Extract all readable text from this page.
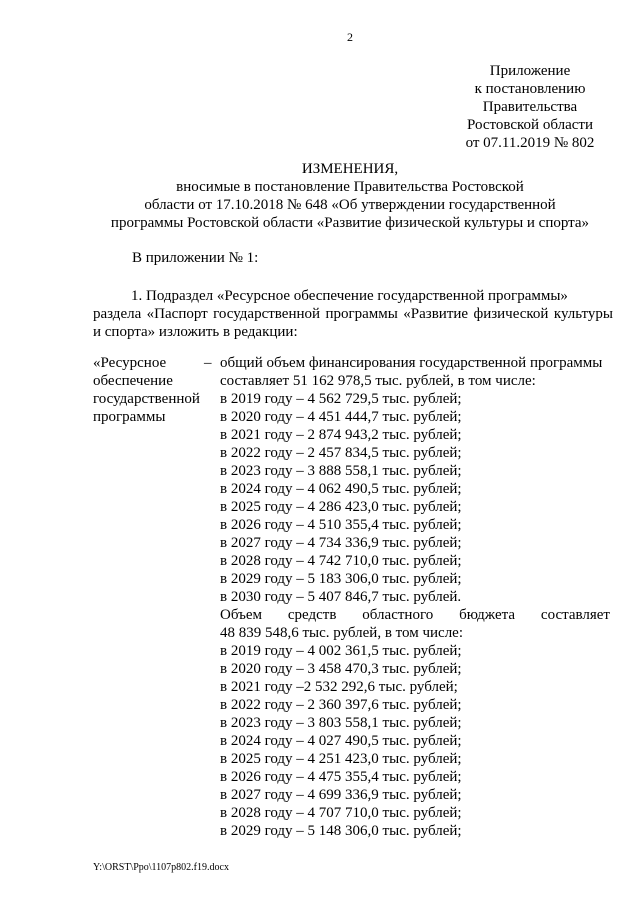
2
Приложение
к постановлению
Правительства
Ростовской области
от 07.11.2019 № 802
ИЗМЕНЕНИЯ,
вносимые в постановление Правительства Ростовской
области от 17.10.2018 № 648 «Об утверждении государственной
программы Ростовской области «Развитие физической культуры и спорта»
В приложении № 1:
1. Подраздел «Ресурсное обеспечение государственной программы»
раздела «Паспорт государственной программы «Развитие физической культуры и спорта» изложить в редакции:
«Ресурсное
обеспечение
государственной
программы
– общий объем финансирования государственной программы
составляет 51 162 978,5 тыс. рублей, в том числе:
в 2019 году – 4 562 729,5 тыс. рублей;
в 2020 году – 4 451 444,7 тыс. рублей;
в 2021 году – 2 874 943,2 тыс. рублей;
в 2022 году – 2 457 834,5 тыс. рублей;
в 2023 году – 3 888 558,1 тыс. рублей;
в 2024 году – 4 062 490,5 тыс. рублей;
в 2025 году – 4 286 423,0 тыс. рублей;
в 2026 году – 4 510 355,4 тыс. рублей;
в 2027 году – 4 734 336,9 тыс. рублей;
в 2028 году – 4 742 710,0 тыс. рублей;
в 2029 году – 5 183 306,0 тыс. рублей;
в 2030 году – 5 407 846,7 тыс. рублей.
Объем средств областного бюджета составляет
48 839 548,6 тыс. рублей, в том числе:
в 2019 году – 4 002 361,5 тыс. рублей;
в 2020 году – 3 458 470,3 тыс. рублей;
в 2021 году –2 532 292,6 тыс. рублей;
в 2022 году – 2 360 397,6 тыс. рублей;
в 2023 году – 3 803 558,1 тыс. рублей;
в 2024 году – 4 027 490,5 тыс. рублей;
в 2025 году – 4 251 423,0 тыс. рублей;
в 2026 году – 4 475 355,4 тыс. рублей;
в 2027 году – 4 699 336,9 тыс. рублей;
в 2028 году – 4 707 710,0 тыс. рублей;
в 2029 году – 5 148 306,0 тыс. рублей;
Y:\ORST\Ppo\1107p802.f19.docx
